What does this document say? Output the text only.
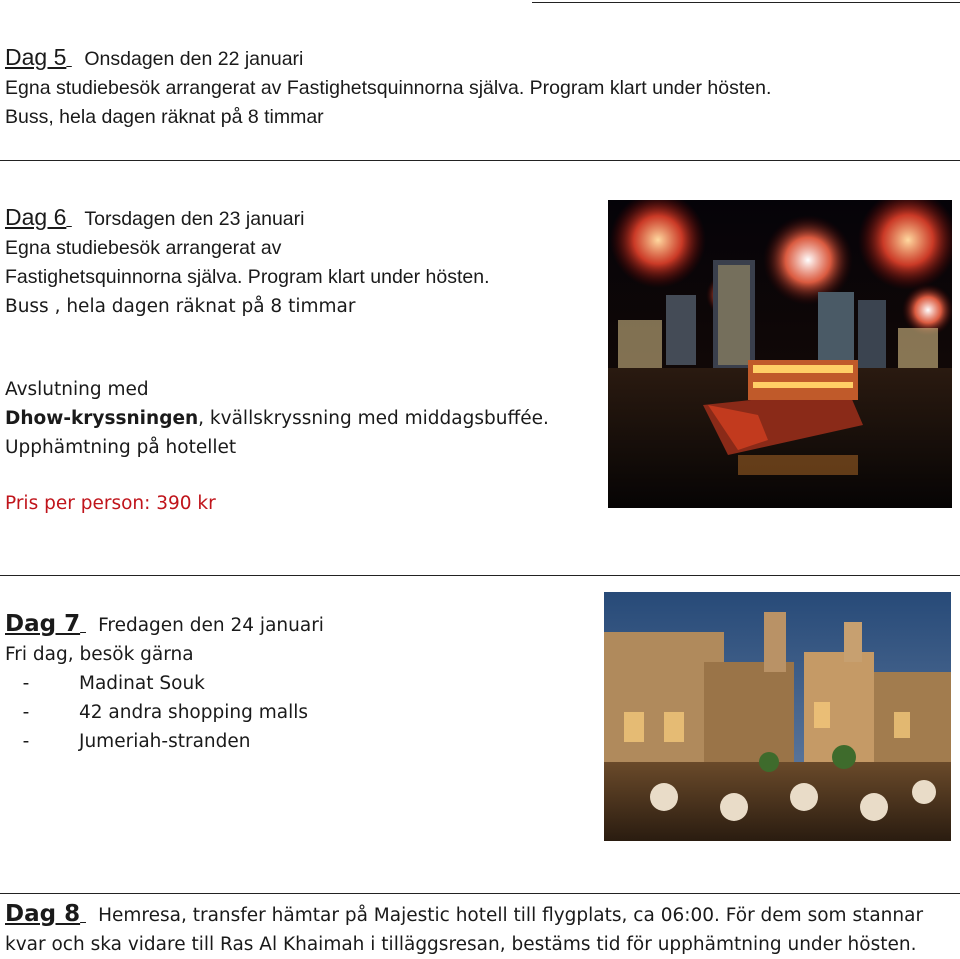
Dag 5 Onsdagen den 22 januari
Egna studiebesök arrangerat av Fastighetsquinnorna själva. Program klart under hösten.
Buss, hela dagen räknat på 8 timmar
Dag 6 Torsdagen den 23 januari
Egna studiebesök arrangerat av
Fastighetsquinnorna själva. Program klart under hösten.
Buss , hela dagen räknat på 8 timmar
Avslutning med
Dhow-kryssningen, kvällskryssning med middagsbuffée.
Upphämtning på hotellet
Pris per person: 390 kr
Dag 7 Fredagen den 24 januari
Fri dag, besök gärna
-	Madinat Souk
-	42 andra shopping malls
-	Jumeriah-stranden
Dag 8 Hemresa, transfer hämtar på Majestic hotell till flygplats, ca 06:00. För dem som stannar
kvar och ska vidare till Ras Al Khaimah i tilläggsresan, bestäms tid för upphämtning under hösten.
